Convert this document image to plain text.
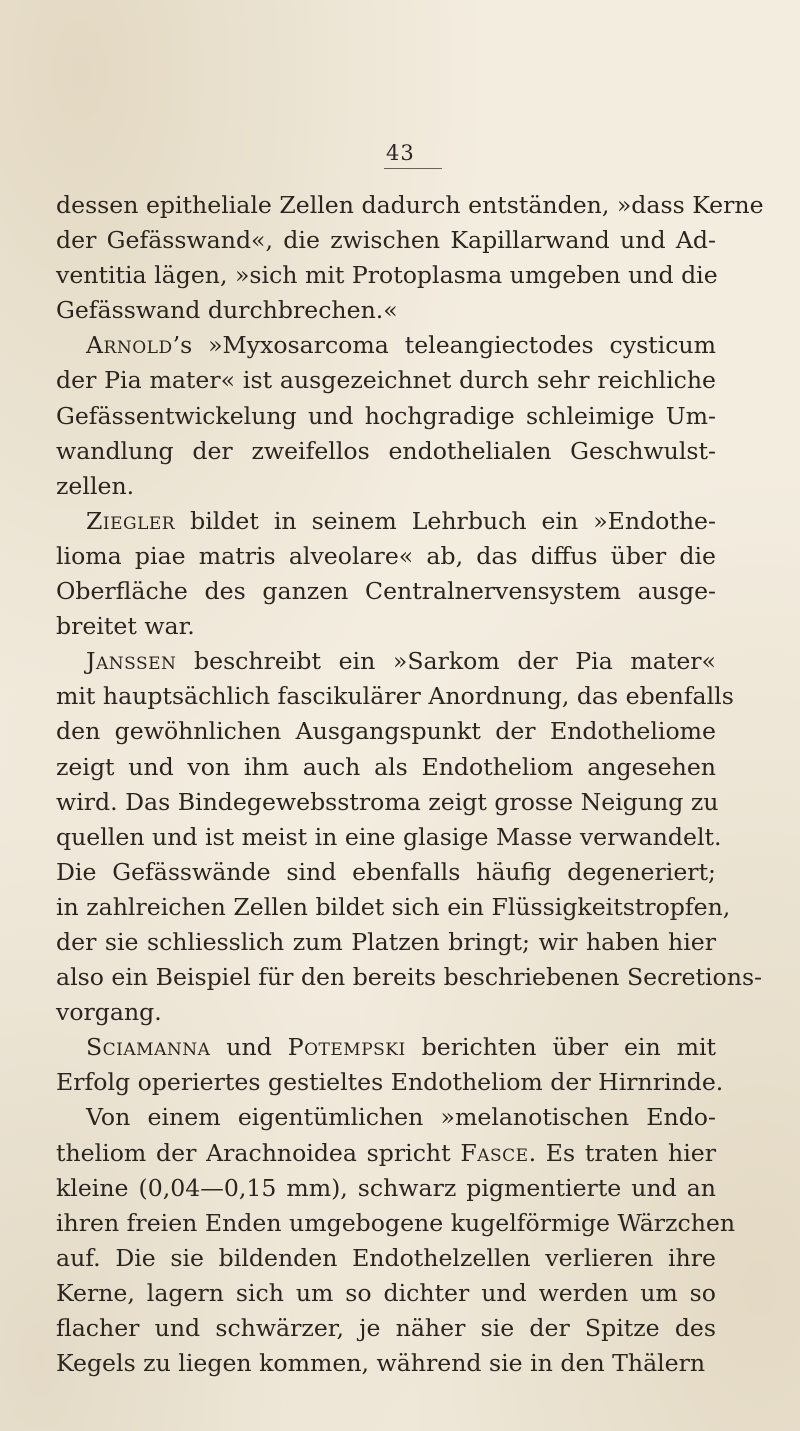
43
dessen epitheliale Zellen dadurch entständen, »dass Kerne
der Gefässwand«, die zwischen Kapillarwand und Ad-
ventitia lägen, »sich mit Protoplasma umgeben und die
Gefässwand durchbrechen.«
Arnold’s »Myxosarcoma teleangiectodes cysticum
der Pia mater« ist ausgezeichnet durch sehr reichliche
Gefässentwickelung und hochgradige schleimige Um-
wandlung der zweifellos endothelialen Geschwulst-
zellen.
Ziegler bildet in seinem Lehrbuch ein »Endothe-
lioma piae matris alveolare« ab, das diffus über die
Oberfläche des ganzen Centralnervensystem ausge-
breitet war.
Janssen beschreibt ein »Sarkom der Pia mater«
mit hauptsächlich fascikulärer Anordnung, das ebenfalls
den gewöhnlichen Ausgangspunkt der Endotheliome
zeigt und von ihm auch als Endotheliom angesehen
wird. Das Bindegewebsstroma zeigt grosse Neigung zu
quellen und ist meist in eine glasige Masse verwandelt.
Die Gefässwände sind ebenfalls häufig degeneriert;
in zahlreichen Zellen bildet sich ein Flüssigkeitstropfen,
der sie schliesslich zum Platzen bringt; wir haben hier
also ein Beispiel für den bereits beschriebenen Secretions-
vorgang.
Sciamanna und Potempski berichten über ein mit
Erfolg operiertes gestieltes Endotheliom der Hirnrinde.
Von einem eigentümlichen »melanotischen Endo-
theliom der Arachnoidea spricht Fasce. Es traten hier
kleine (0,04—0,15 mm), schwarz pigmentierte und an
ihren freien Enden umgebogene kugelförmige Wärzchen
auf. Die sie bildenden Endothelzellen verlieren ihre
Kerne, lagern sich um so dichter und werden um so
flacher und schwärzer, je näher sie der Spitze des
Kegels zu liegen kommen, während sie in den Thälern
